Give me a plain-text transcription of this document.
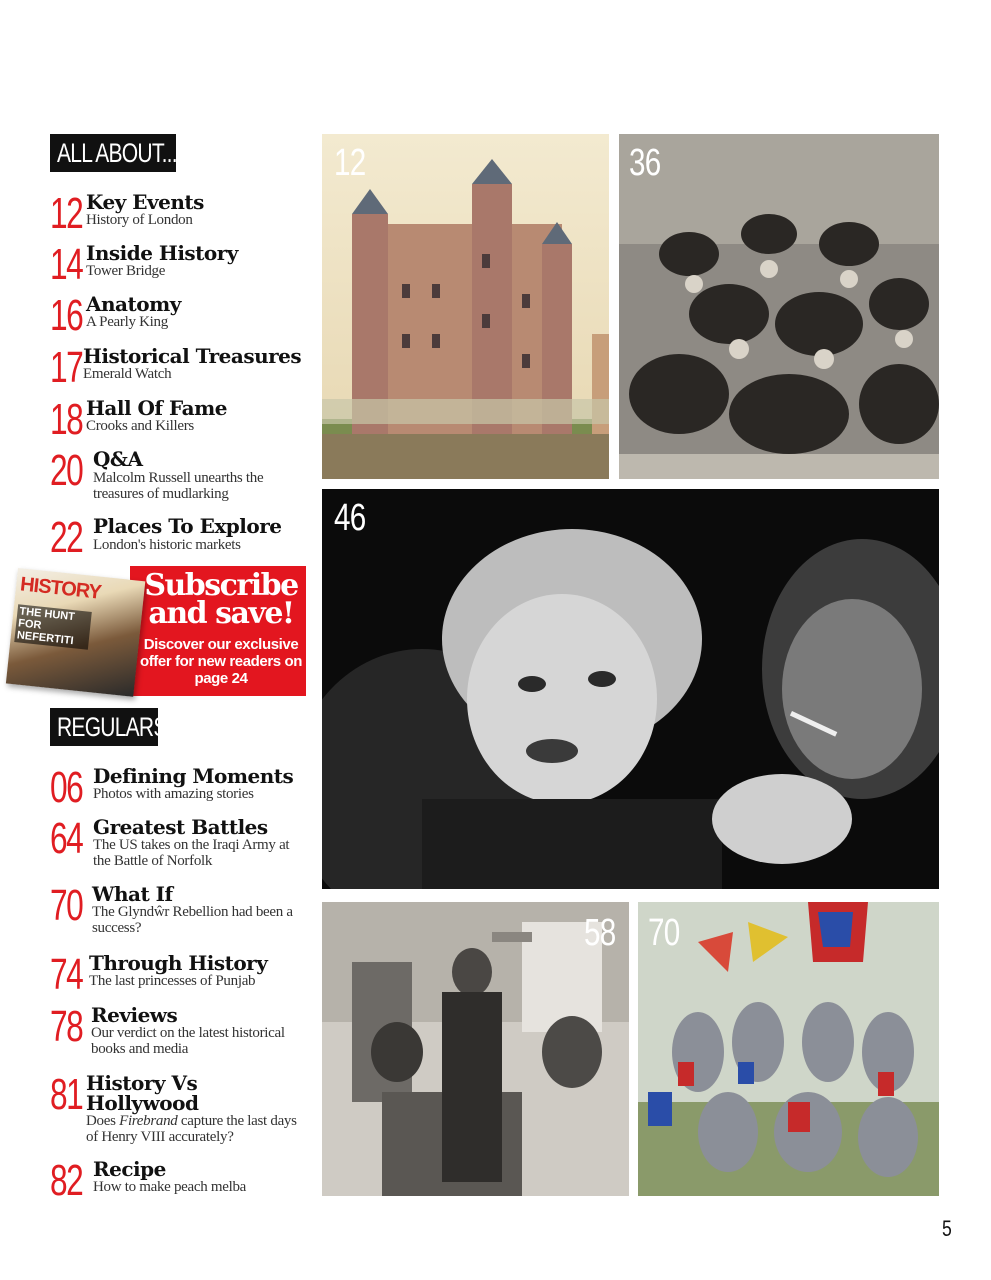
ALL ABOUT...
12 Key Events
History of London
14 Inside History
Tower Bridge
16 Anatomy
A Pearly King
17 Historical Treasures
Emerald Watch
18 Hall Of Fame
Crooks and Killers
20 Q&A
Malcolm Russell unearths the treasures of mudlarking
22 Places To Explore
London's historic markets
HISTORY
THE HUNT FOR NEFERTITI
Subscribe and save!
Discover our exclusive offer for new readers on page 24
REGULARS
06 Defining Moments
Photos with amazing stories
64 Greatest Battles
The US takes on the Iraqi Army at the Battle of Norfolk
70 What If
The Glyndŵr Rebellion had been a success?
74 Through History
The last princesses of Punjab
78 Reviews
Our verdict on the latest historical books and media
81 History Vs Hollywood
Does Firebrand capture the last days of Henry VIII accurately?
82 Recipe
How to make peach melba
12	36
46
58 70
5
